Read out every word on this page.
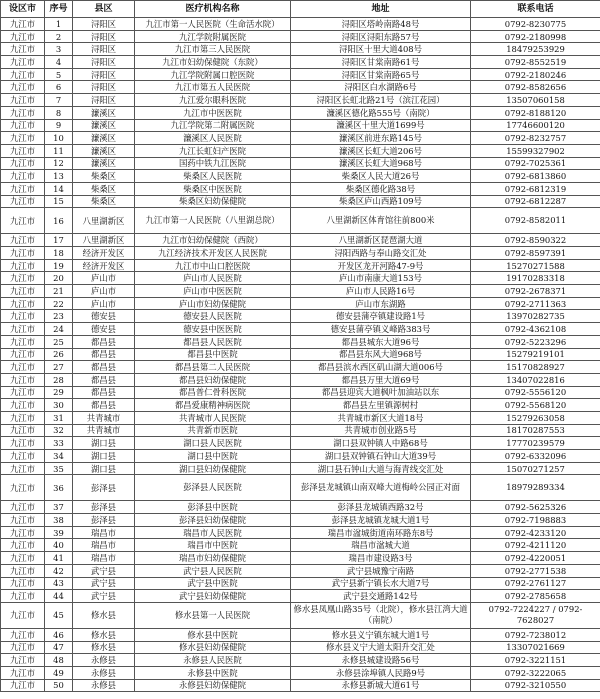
设区市	序号	县区	医疗机构名称	地址	联系电话
九江市	1	浔阳区	九江市第一人民医院（生命活水院）	浔阳区塔岭南路48号	0792-8230775
九江市	2	浔阳区	九江学院附属医院	浔阳区浔阳东路57号	0792-2180998
九江市	3	浔阳区	九江市第三人民医院	浔阳区十里大道408号	18479253929
九江市	4	浔阳区	九江市妇幼保健院（东院）	浔阳区甘棠南路61号	0792-8552519
九江市	5	浔阳区	九江学院附属口腔医院	浔阳区甘棠南路65号	0792-2180246
九江市	6	浔阳区	九江市第五人民医院	浔阳区白水湖路6号	0792-8582656
九江市	7	浔阳区	九江爱尔眼科医院	浔阳区长虹北路21号（滨江花园）	13507060158
九江市	8	濂溪区	九江市中医医院	濂溪区德化路555号（南院）	0792-8188120
九江市	9	濂溪区	九江学院第二附属医院	濂溪区十里大道1699号	17746600120
九江市	10	濂溪区	濂溪区人民医院	濂溪区前进东路145号	0792-8232757
九江市	11	濂溪区	九江长虹妇产医院	濂溪区长虹大道206号	15599327902
九江市	12	濂溪区	国药中铁九江医院	濂溪区长虹大道968号	0792-7025361
九江市	13	柴桑区	柴桑区人民医院	柴桑区人民大道26号	0792-6813860
九江市	14	柴桑区	柴桑区中医医院	柴桑区德化路38号	0792-6812319
九江市	15	柴桑区	柴桑区妇幼保健院	柴桑区庐山西路109号	0792-6812287
九江市	16	八里湖新区	九江市第一人民医院（八里湖总院）	八里湖新区体育馆往前800米	0792-8582011
九江市	17	八里湖新区	九江市妇幼保健院（西院）	八里湖新区琵琶湖大道	0792-8590322
九江市	18	经济开发区	九江经济技术开发区人民医院	浔阳西路与奉山路交汇处	0792-8597391
九江市	19	经济开发区	九江市中山口腔医院	开发区龙开河路47-9号	15270271588
九江市	20	庐山市	庐山市人民医院	庐山市南康大道153号	19170283318
九江市	21	庐山市	庐山市中医医院	庐山市人民路16号	0792-2678371
九江市	22	庐山市	庐山市妇幼保健院	庐山市东湖路	0792-2711363
九江市	23	德安县	德安县人民医院	德安县蒲亭镇建设路1号	13970282735
九江市	24	德安县	德安县中医医院	德安县蒲亭镇义峰路383号	0792-4362108
九江市	25	都昌县	都昌县人民医院	都昌县城东大道96号	0792-5223296
九江市	26	都昌县	都昌县中医院	都昌县东风大道968号	15279219101
九江市	27	都昌县	都昌县第二人民医院	都昌县滨水西区矶山湖大道006号	15170828927
九江市	28	都昌县	都昌县妇幼保健院	都昌县万里大道69号	13407022816
九江市	29	都昌县	都昌普仁骨科医院	都昌县迎宾大道枫叶加油站以东	0792-5556120
九江市	30	都昌县	都昌爱康精神病医院	都昌县左里镇源树村	0792-5568120
九江市	31	共青城市	共青城市人民医院	共青城市新区大道18号	15279263058
九江市	32	共青城市	共青新市医院	共青城市创业路5号	18170287553
九江市	33	湖口县	湖口县人民医院	湖口县双钟镇人中路68号	17770239579
九江市	34	湖口县	湖口县中医院	湖口县双钟镇石钟山大道39号	0792-6332096
九江市	35	湖口县	湖口县妇幼保健院	湖口县石钟山大道与海青线交汇处	15070271257
九江市	36	彭泽县	彭泽县人民医院	彭泽县龙城镇山南双峰大道梅岭公园正对面	18979289334
九江市	37	彭泽县	彭泽县中医院	彭泽县龙城镇西路32号	0792-5625326
九江市	38	彭泽县	彭泽县妇幼保健院	彭泽县龙城镇龙城大道1号	0792-7198883
九江市	39	瑞昌市	瑞昌市人民医院	瑞昌市湓城街道南环路东8号	0792-4233120
九江市	40	瑞昌市	瑞昌市中医院	瑞昌市湓城大道	0792-4211120
九江市	41	瑞昌市	瑞昌市妇幼保健院	瑞昌市建设路3号	0792-4220051
九江市	42	武宁县	武宁县人民医院	武宁县城豫宁南路	0792-2771538
九江市	43	武宁县	武宁县中医院	武宁县新宁镇长水大道7号	0792-2761127
九江市	44	武宁县	武宁县妇幼保健院	武宁县交通路142号	0792-2785658
九江市	45	修水县	修水县第一人民医院	修水县凤凰山路35号（北院），修水县江湾大道（南院）	0792-7224227 / 0792-7628027
九江市	46	修水县	修水县中医院	修水县义宁镇东城大道1号	0792-7238012
九江市	47	修水县	修水县妇幼保健院	修水县义宁大道太阳升交汇处	13307021669
九江市	48	永修县	永修县人民医院	永修县城建设路56号	0792-3221151
九江市	49	永修县	永修县中医院	永修县涂埠镇人民路9号	0792-3222065
九江市	50	永修县	永修县妇幼保健院	永修县新城大道61号	0792-3210550
